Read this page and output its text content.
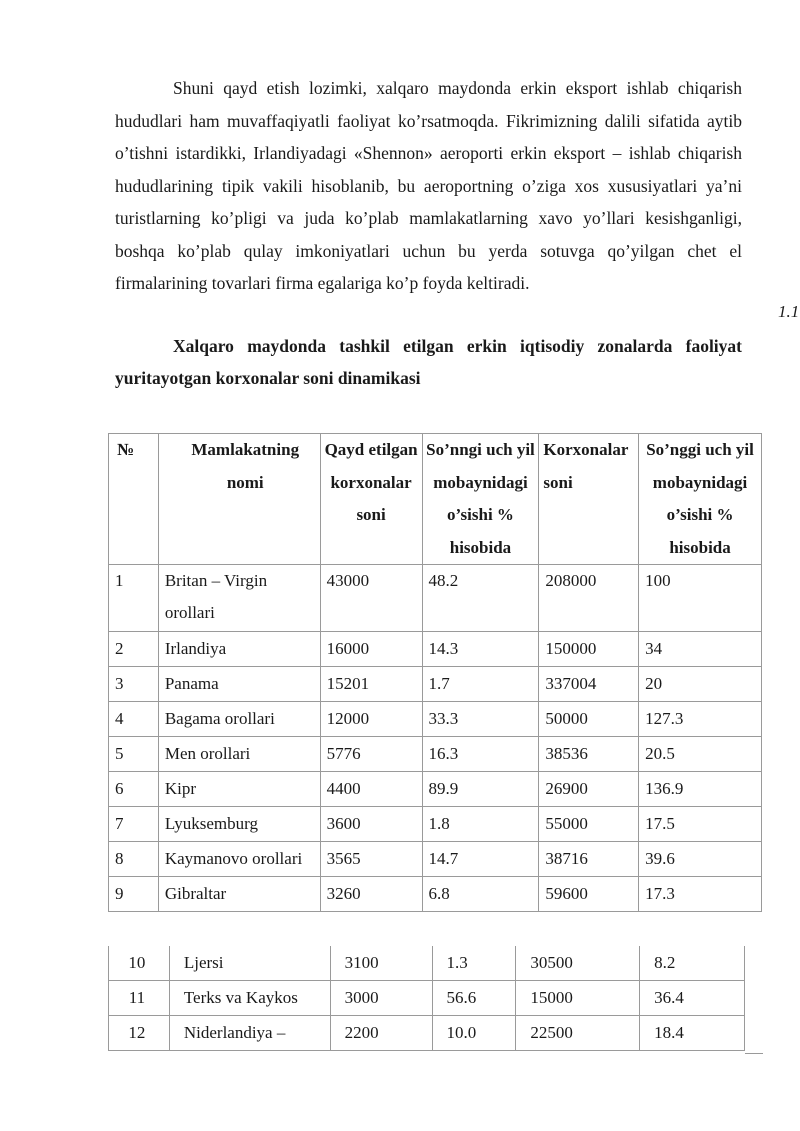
Shuni qayd etish lozimki, xalqaro maydonda erkin eksport ishlab chiqarish hududlari ham muvaffaqiyatli faoliyat ko’rsatmoqda. Fikrimizning dalili sifatida aytib o’tishni istardikki, Irlandiyadagi «Shennon» aeroporti erkin eksport – ishlab chiqarish hududlarining tipik vakili hisoblanib, bu aeroportning o’ziga xos xususiyatlari ya’ni turistlarning ko’pligi va juda ko’plab mamlakatlarning xavo yo’llari kesishganligi, boshqa ko’plab qulay imkoniyatlari uchun bu yerda sotuvga qo’yilgan chet el firmalarining tovarlari firma egalariga ko’p foyda keltiradi.

1.1

Xalqaro maydonda tashkil etilgan erkin iqtisodiy zonalarda faoliyat yuritayotgan korxonalar soni dinamikasi

№	Mamlakatning nomi	Qayd etilgan korxonalar soni	So’nngi uch yil mobaynidagi o’sishi % hisobida	Korxonalar soni	So’nggi uch yil mobaynidagi o’sishi % hisobida
1	Britan – Virgin orollari	43000	48.2	208000	100
2	Irlandiya	16000	14.3	150000	34
3	Panama	15201	1.7	337004	20
4	Bagama orollari	12000	33.3	50000	127.3
5	Men orollari	5776	16.3	38536	20.5
6	Kipr	4400	89.9	26900	136.9
7	Lyuksemburg	3600	1.8	55000	17.5
8	Kaymanovo orollari	3565	14.7	38716	39.6
9	Gibraltar	3260	6.8	59600	17.3
10	Ljersi	3100	1.3	30500	8.2
11	Terks va Kaykos	3000	56.6	15000	36.4
12	Niderlandiya –	2200	10.0	22500	18.4
